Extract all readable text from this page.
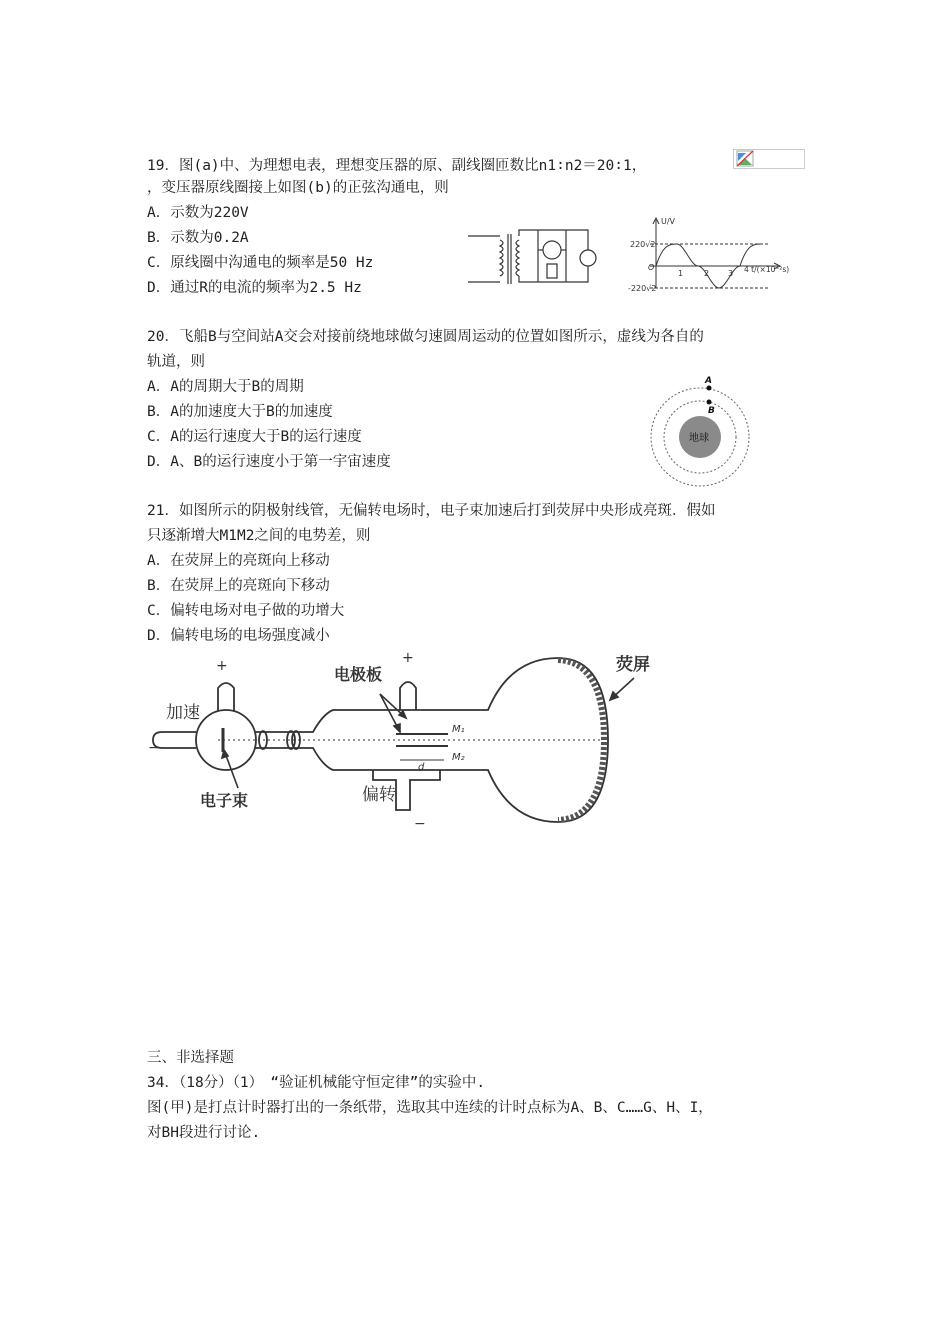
19．图(a)中、为理想电表，理想变压器的原、副线圈匝数比n1∶n2＝20∶1，
，变压器原线圈接上如图(b)的正弦沟通电，则
A．示数为220V
B．示数为0.2A
C．原线圈中沟通电的频率是50 Hz
D．通过R的电流的频率为2.5 Hz
U/V
220√2
-220√2
O
1	2 3 4 t/(×10⁻²s)
20．飞船B与空间站A交会对接前绕地球做匀速圆周运动的位置如图所示，虚线为各自的
轨道，则
A．A的周期大于B的周期
B．A的加速度大于B的加速度
C．A的运行速度大于B的运行速度
D．A、B的运行速度小于第一宇宙速度
地球
A
B
21．如图所示的阴极射线管，无偏转电场时，电子束加速后打到荧屏中央形成亮斑．假如
只逐渐增大M1M2之间的电势差，则
A．在荧屏上的亮斑向上移动
B．在荧屏上的亮斑向下移动
C．偏转电场对电子做的功增大
D．偏转电场的电场强度减小
d
+	+
−
−
加速
电子束
电极板	荧屏
偏转
M₁
M₂
三、非选择题
34．（18分）（1）　“验证机械能守恒定律”的实验中.
图(甲)是打点计时器打出的一条纸带，选取其中连续的计时点标为A、B、C……G、H、I，
对BH段进行讨论.
